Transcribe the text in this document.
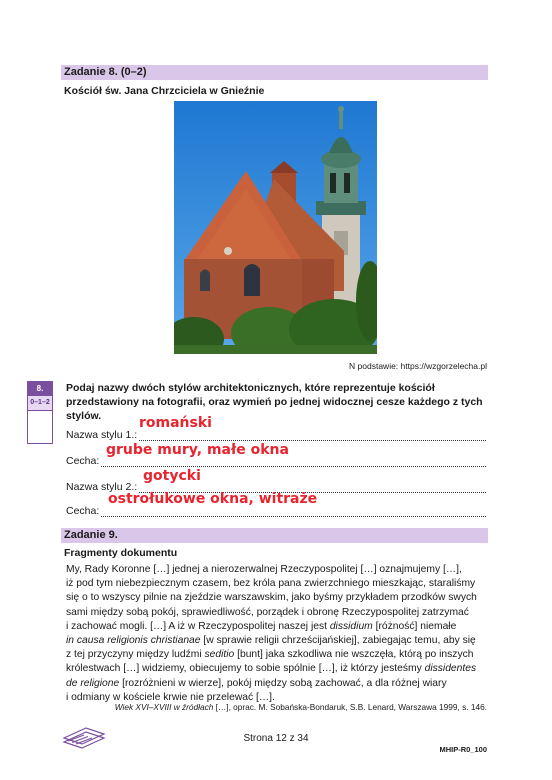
Zadanie 8. (0–2)
Kościół św. Jana Chrzciciela w Gnieźnie
N podstawie: https://wzgorzelecha.pl
8.
0–1–2
Podaj nazwy dwóch stylów architektonicznych, które reprezentuje kościół
przedstawiony na fotografii, oraz wymień po jednej widocznej cesze każdego z tych
stylów.
Nazwa stylu 1.:
romański
Cecha:
grube mury, małe okna
Nazwa stylu 2.:
gotycki
Cecha:
ostrołukowe okna, witraże
Zadanie 9.
Fragmenty dokumentu

My, Rady Koronne […] jednej a nierozerwalnej Rzeczypospolitej […] oznajmujemy […],

iż pod tym niebezpiecznym czasem, bez króla pana zwierzchniego mieszkając, staraliśmy

się o to wszyscy pilnie na zjeździe warszawskim, jako byśmy przykładem przodków swych

sami między sobą pokój, sprawiedliwość, porządek i obronę Rzeczypospolitej zatrzymać

i zachować mogli. […] A iż w Rzeczypospolitej naszej jest dissidium [różność] niemałe

in causa religionis christianae [w sprawie religii chrześcijańskiej], zabiegając temu, aby się

z tej przyczyny między ludźmi seditio [bunt] jaka szkodliwa nie wszczęła, którą po inszych

królestwach […] widziemy, obiecujemy to sobie spólnie […], iż którzy jesteśmy dissidentes

de religione [rozróżnieni w wierze], pokój między sobą zachować, a dla różnej wiary

i odmiany w kościele krwie nie przelewać […].

Wiek XVI–XVIII w źródłach […], oprac. M. Sobańska-Bondaruk, S.B. Lenard, Warszawa 1999, s. 146.
Strona 12 z 34
MHIP-R0_100
